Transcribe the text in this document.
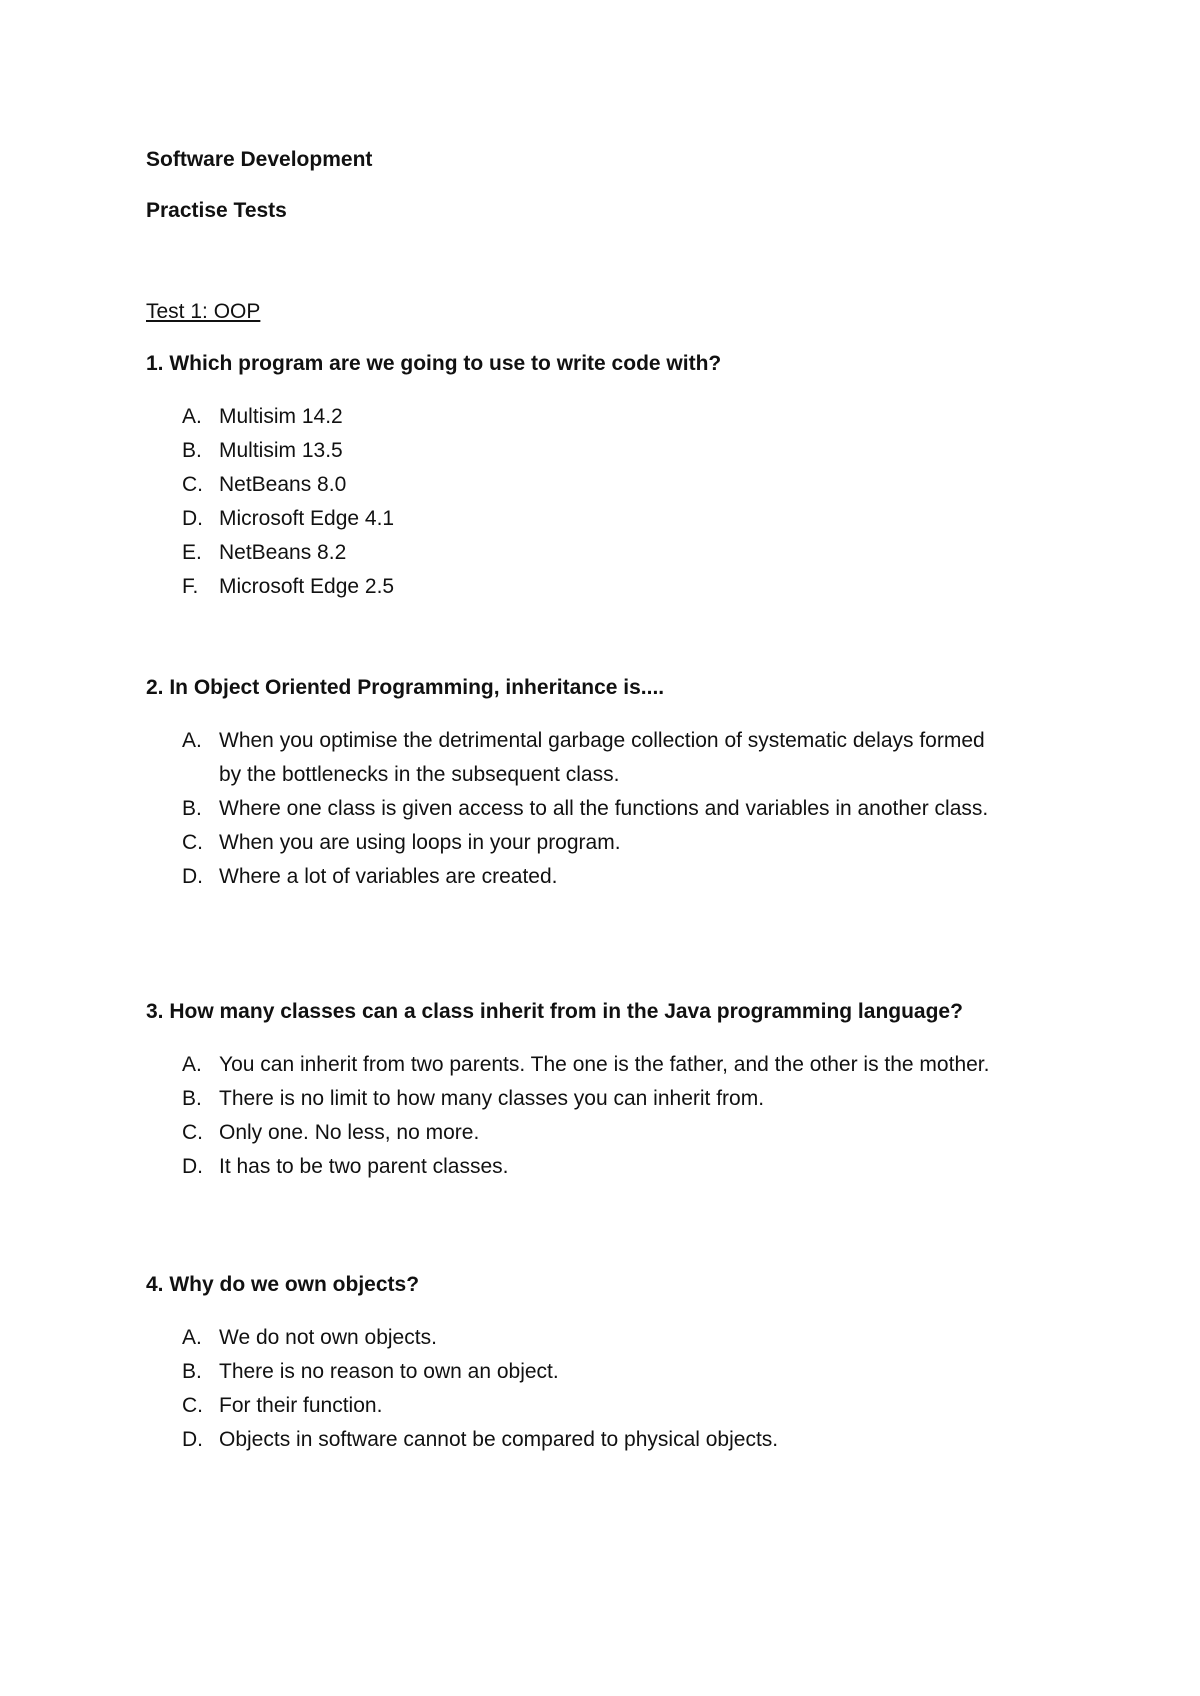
Software Development

Practise Tests

Test 1: OOP

1. Which program are we going to use to write code with?

A. Multisim 14.2
B. Multisim 13.5
C. NetBeans 8.0
D. Microsoft Edge 4.1
E. NetBeans 8.2
F. Microsoft Edge 2.5

2. In Object Oriented Programming, inheritance is....

A. When you optimise the detrimental garbage collection of systematic delays formed by the bottlenecks in the subsequent class.
B. Where one class is given access to all the functions and variables in another class.
C. When you are using loops in your program.
D. Where a lot of variables are created.

3. How many classes can a class inherit from in the Java programming language?

A. You can inherit from two parents. The one is the father, and the other is the mother.
B. There is no limit to how many classes you can inherit from.
C. Only one. No less, no more.
D. It has to be two parent classes.

4. Why do we own objects?

A. We do not own objects.
B. There is no reason to own an object.
C. For their function.
D. Objects in software cannot be compared to physical objects.
